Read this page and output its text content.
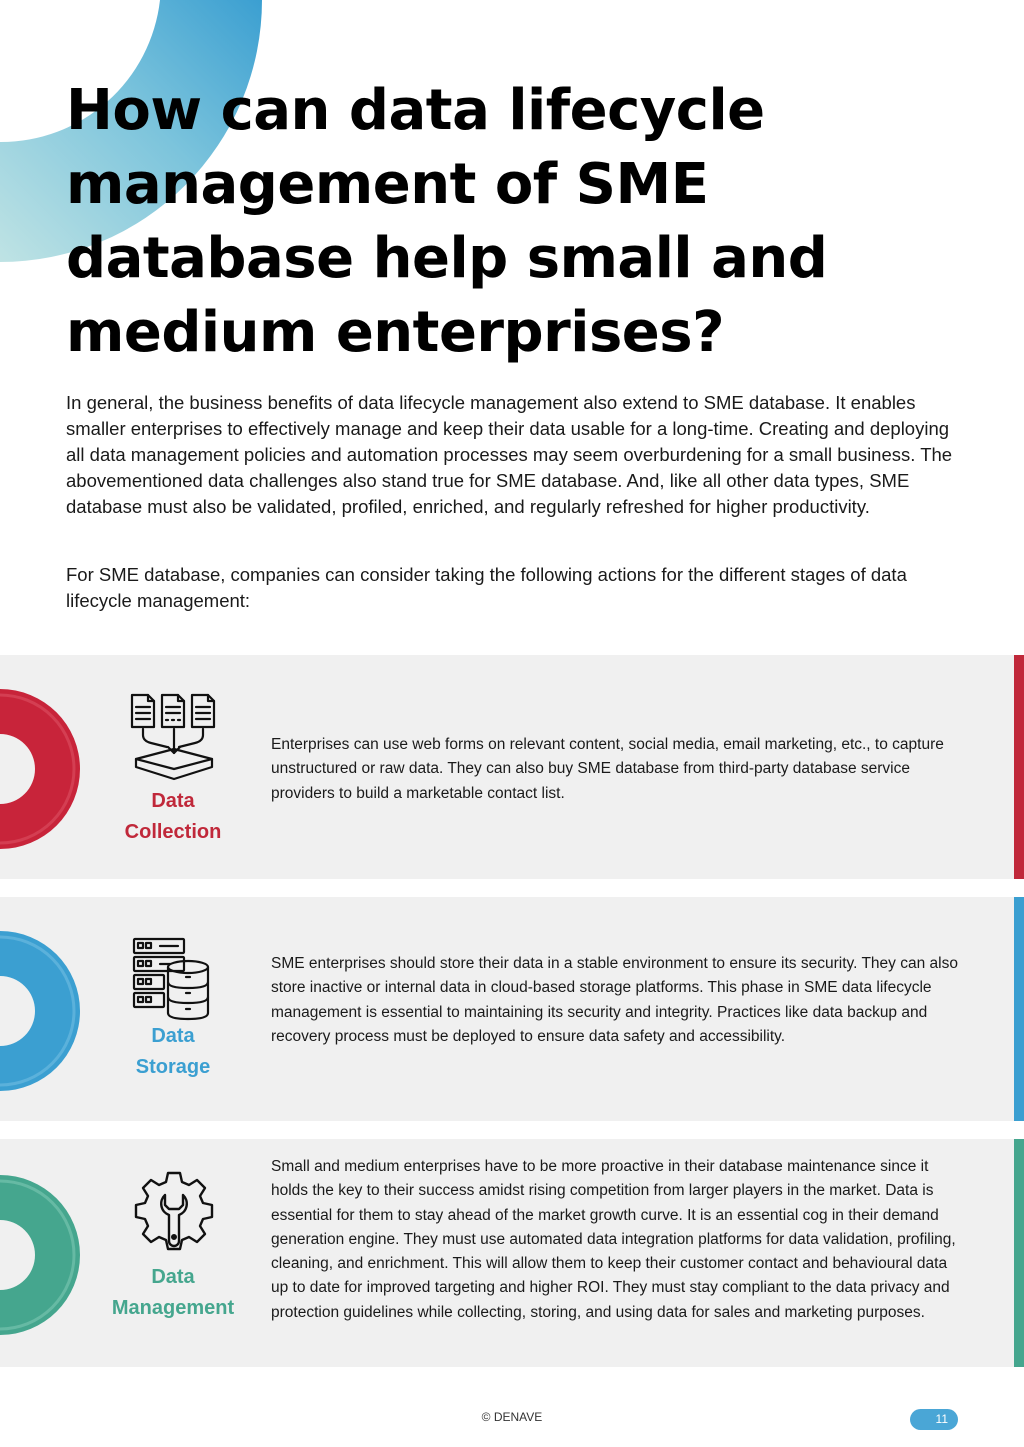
How can data lifecycle management of SME database help small and medium enterprises?

In general, the business benefits of data lifecycle management also extend to SME database. It enables smaller enterprises to effectively manage and keep their data usable for a long-time. Creating and deploying all data management policies and automation processes may seem overburdening for a small business. The abovementioned data challenges also stand true for SME database. And, like all other data types, SME database must also be validated, profiled, enriched, and regularly refreshed for higher productivity.

For SME database, companies can consider taking the following actions for the different stages of data lifecycle management:

Data
Collection

Enterprises can use web forms on relevant content, social media, email marketing, etc., to capture unstructured or raw data. They can also buy SME database from third-party database service providers to build a marketable contact list.

Data
Storage

SME enterprises should store their data in a stable environment to ensure its security. They can also store inactive or internal data in cloud-based storage platforms. This phase in SME data lifecycle management is essential to maintaining its security and integrity. Practices like data backup and recovery process must be deployed to ensure data safety and accessibility.

Data
Management

Small and medium enterprises have to be more proactive in their database maintenance since it holds the key to their success amidst rising competition from larger players in the market. Data is essential for them to stay ahead of the market growth curve. It is an essential cog in their demand generation engine. They must use automated data integration platforms for data validation, profiling, cleaning, and enrichment. This will allow them to keep their customer contact and behavioural data up to date for improved targeting and higher ROI. They must stay compliant to the data privacy and protection guidelines while collecting, storing, and using data for sales and marketing purposes.

© DENAVE	11
